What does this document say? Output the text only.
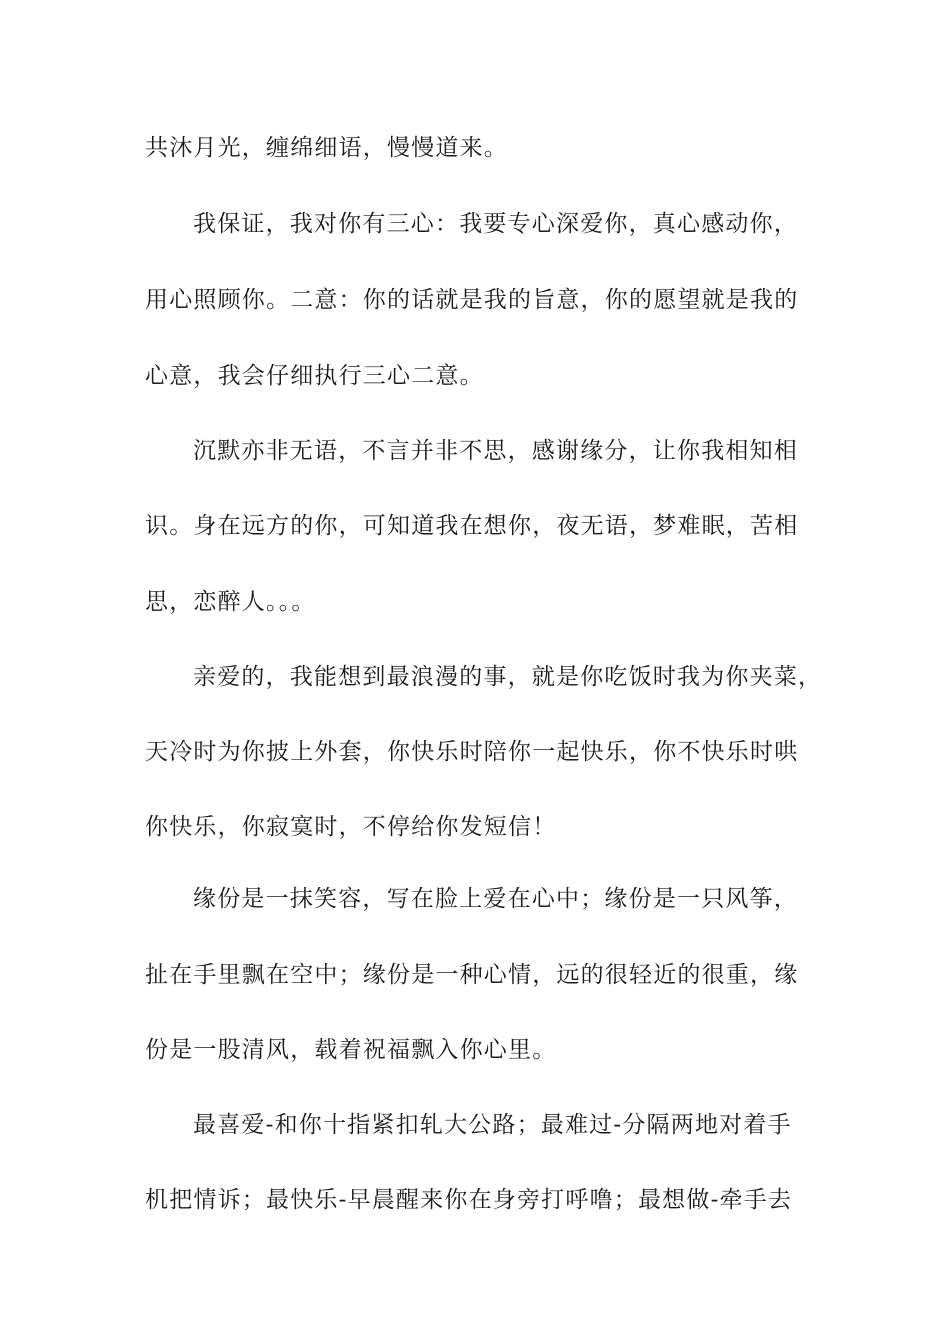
共沐月光，缠绵细语，慢慢道来。
我保证，我对你有三心：我要专心深爱你，真心感动你，
用心照顾你。二意：你的话就是我的旨意，你的愿望就是我的
心意，我会仔细执行三心二意。
沉默亦非无语，不言并非不思，感谢缘分，让你我相知相
识。身在远方的你，可知道我在想你，夜无语，梦难眠，苦相
思，恋醉人。。。
亲爱的，我能想到最浪漫的事，就是你吃饭时我为你夹菜，
天冷时为你披上外套，你快乐时陪你一起快乐，你不快乐时哄
你快乐，你寂寞时，不停给你发短信！
缘份是一抹笑容，写在脸上爱在心中；缘份是一只风筝，
扯在手里飘在空中；缘份是一种心情，远的很轻近的很重，缘
份是一股清风，载着祝福飘入你心里。
最喜爱-和你十指紧扣轧大公路；最难过-分隔两地对着手
机把情诉；最快乐-早晨醒来你在身旁打呼噜；最想做-牵手去
